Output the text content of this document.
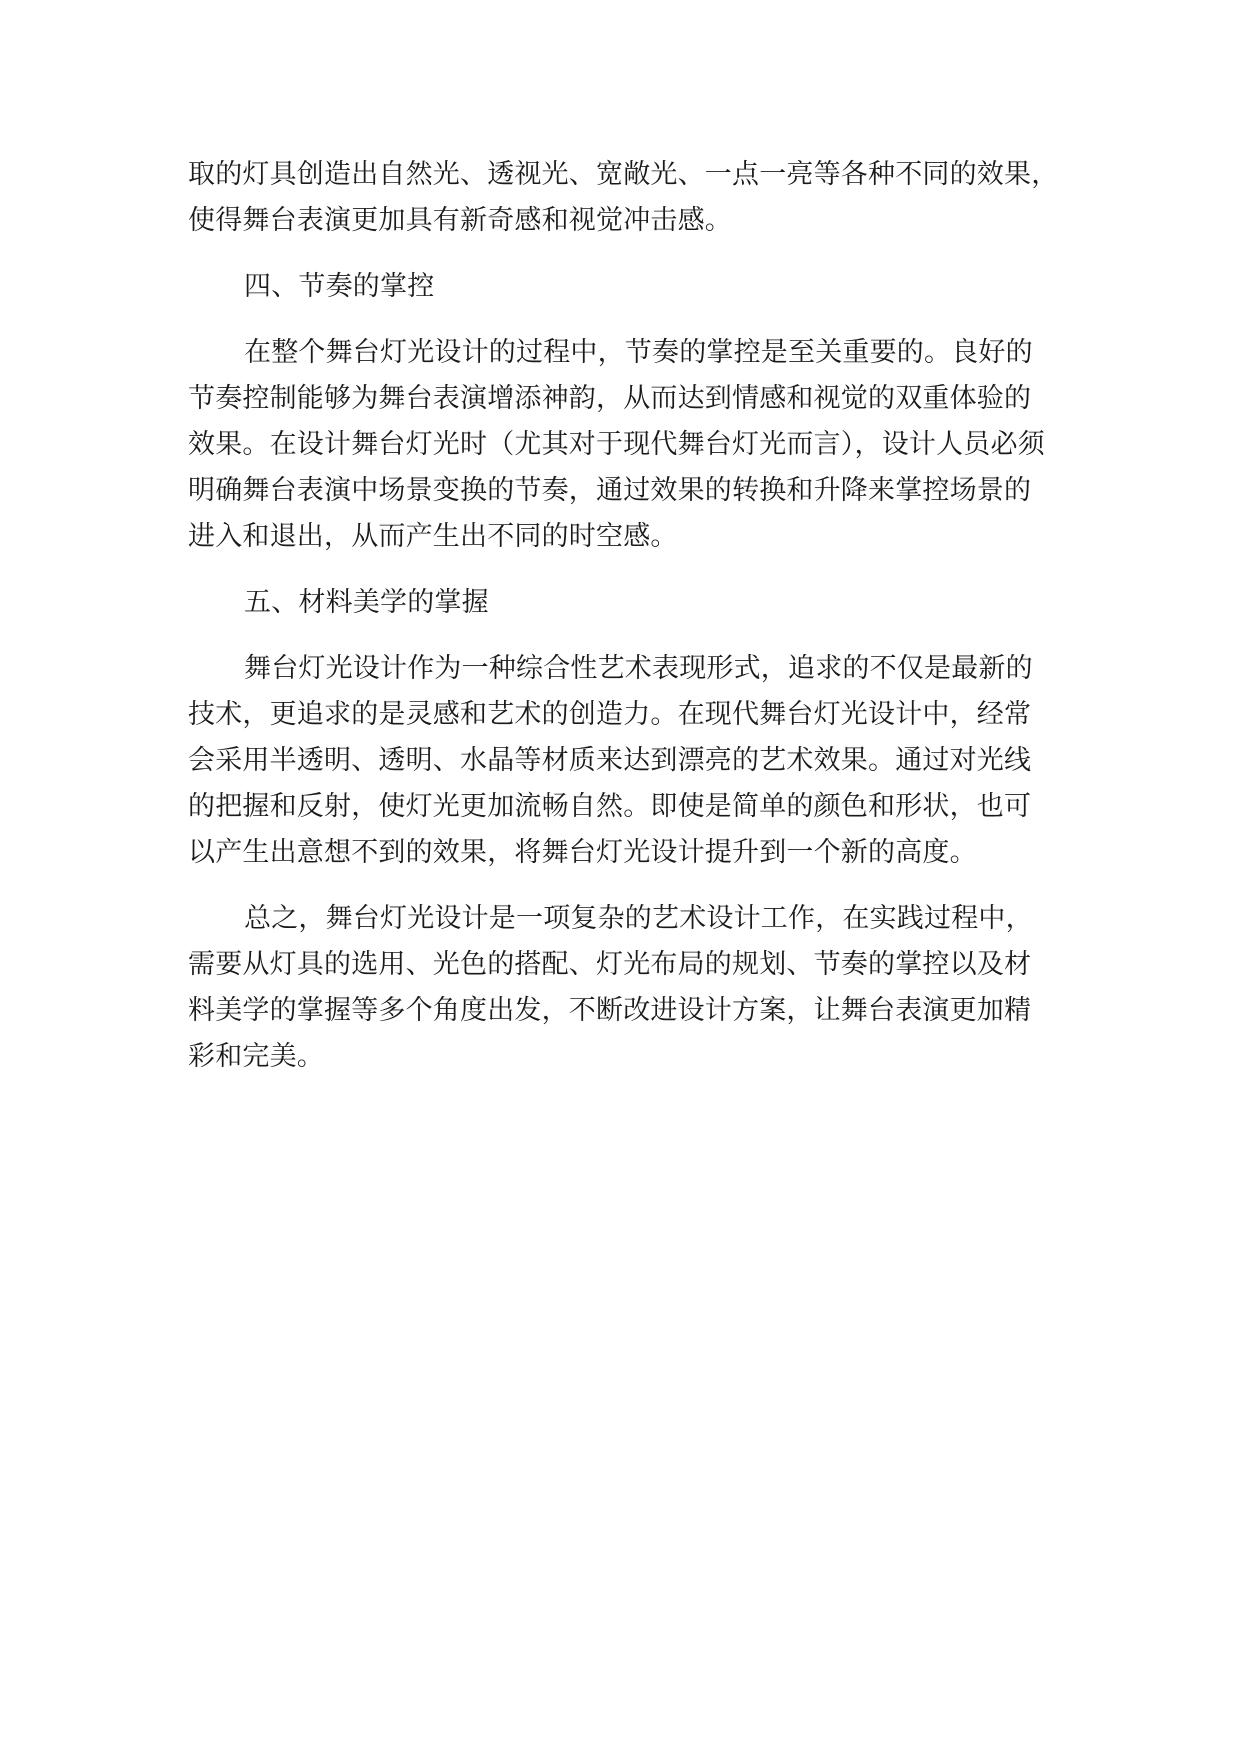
取的灯具创造出自然光、透视光、宽敞光、一点一亮等各种不同的效果，
使得舞台表演更加具有新奇感和视觉冲击感。
四、节奏的掌控
在整个舞台灯光设计的过程中，节奏的掌控是至关重要的。良好的
节奏控制能够为舞台表演增添神韵，从而达到情感和视觉的双重体验的
效果。在设计舞台灯光时（尤其对于现代舞台灯光而言），设计人员必须
明确舞台表演中场景变换的节奏，通过效果的转换和升降来掌控场景的
进入和退出，从而产生出不同的时空感。
五、材料美学的掌握
舞台灯光设计作为一种综合性艺术表现形式，追求的不仅是最新的
技术，更追求的是灵感和艺术的创造力。在现代舞台灯光设计中，经常
会采用半透明、透明、水晶等材质来达到漂亮的艺术效果。通过对光线
的把握和反射，使灯光更加流畅自然。即使是简单的颜色和形状，也可
以产生出意想不到的效果，将舞台灯光设计提升到一个新的高度。
总之，舞台灯光设计是一项复杂的艺术设计工作，在实践过程中，
需要从灯具的选用、光色的搭配、灯光布局的规划、节奏的掌控以及材
料美学的掌握等多个角度出发，不断改进设计方案，让舞台表演更加精
彩和完美。
